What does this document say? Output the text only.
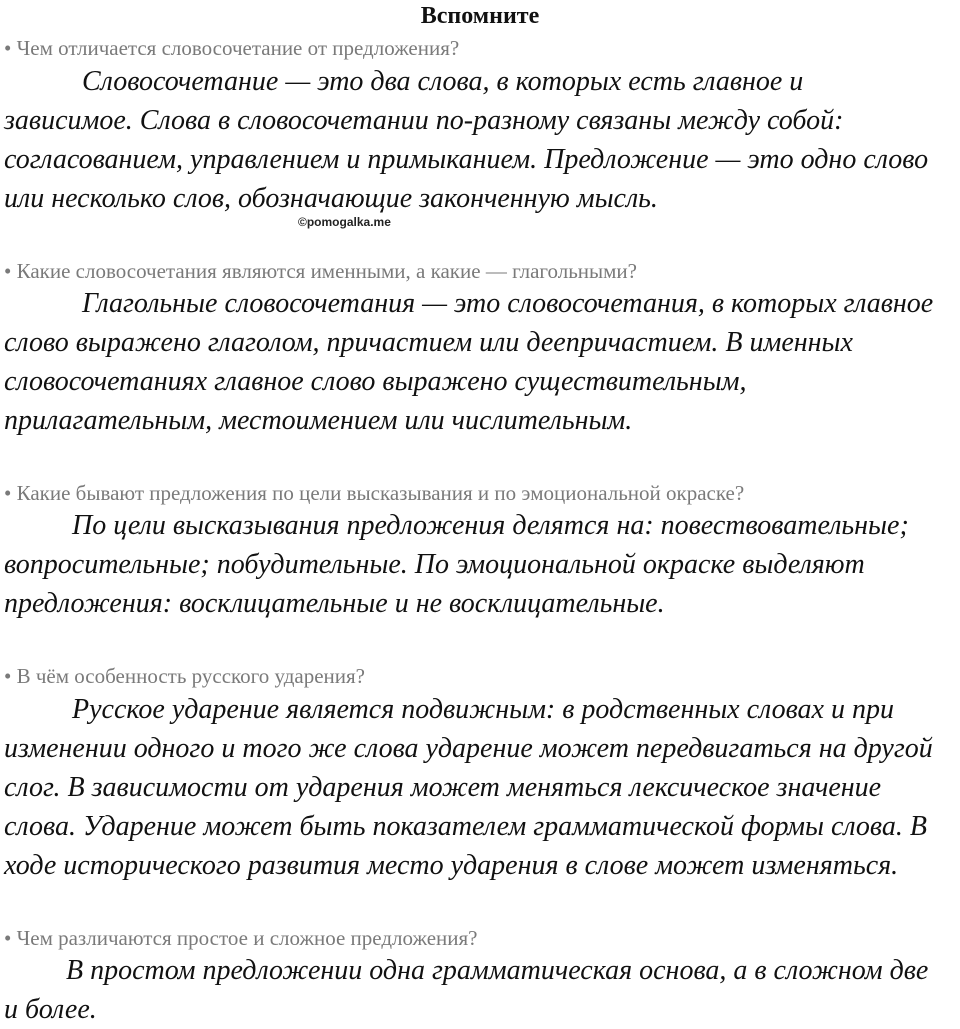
Вспомните
• Чем отличается словосочетание от предложения?
Словосочетание — это два слова, в которых есть главное и
зависимое. Слова в словосочетании по-разному связаны между собой:
согласованием, управлением и примыканием. Предложение — это одно слово
или несколько слов, обозначающие законченную мысль.
©pomogalka.me
• Какие словосочетания являются именными, а какие — глагольными?
Глагольные словосочетания — это словосочетания, в которых главное
слово выражено глаголом, причастием или деепричастием. В именных
словосочетаниях главное слово выражено существительным,
прилагательным, местоимением или числительным.
• Какие бывают предложения по цели высказывания и по эмоциональной окраске?
По цели высказывания предложения делятся на: повествовательные;
вопросительные; побудительные. По эмоциональной окраске выделяют
предложения: восклицательные и не восклицательные.
• В чём особенность русского ударения?
Русское ударение является подвижным: в родственных словах и при
изменении одного и того же слова ударение может передвигаться на другой
слог. В зависимости от ударения может меняться лексическое значение
слова. Ударение может быть показателем грамматической формы слова. В
ходе исторического развития место ударения в слове может изменяться.
• Чем различаются простое и сложное предложения?
В простом предложении одна грамматическая основа, а в сложном две
и более.
